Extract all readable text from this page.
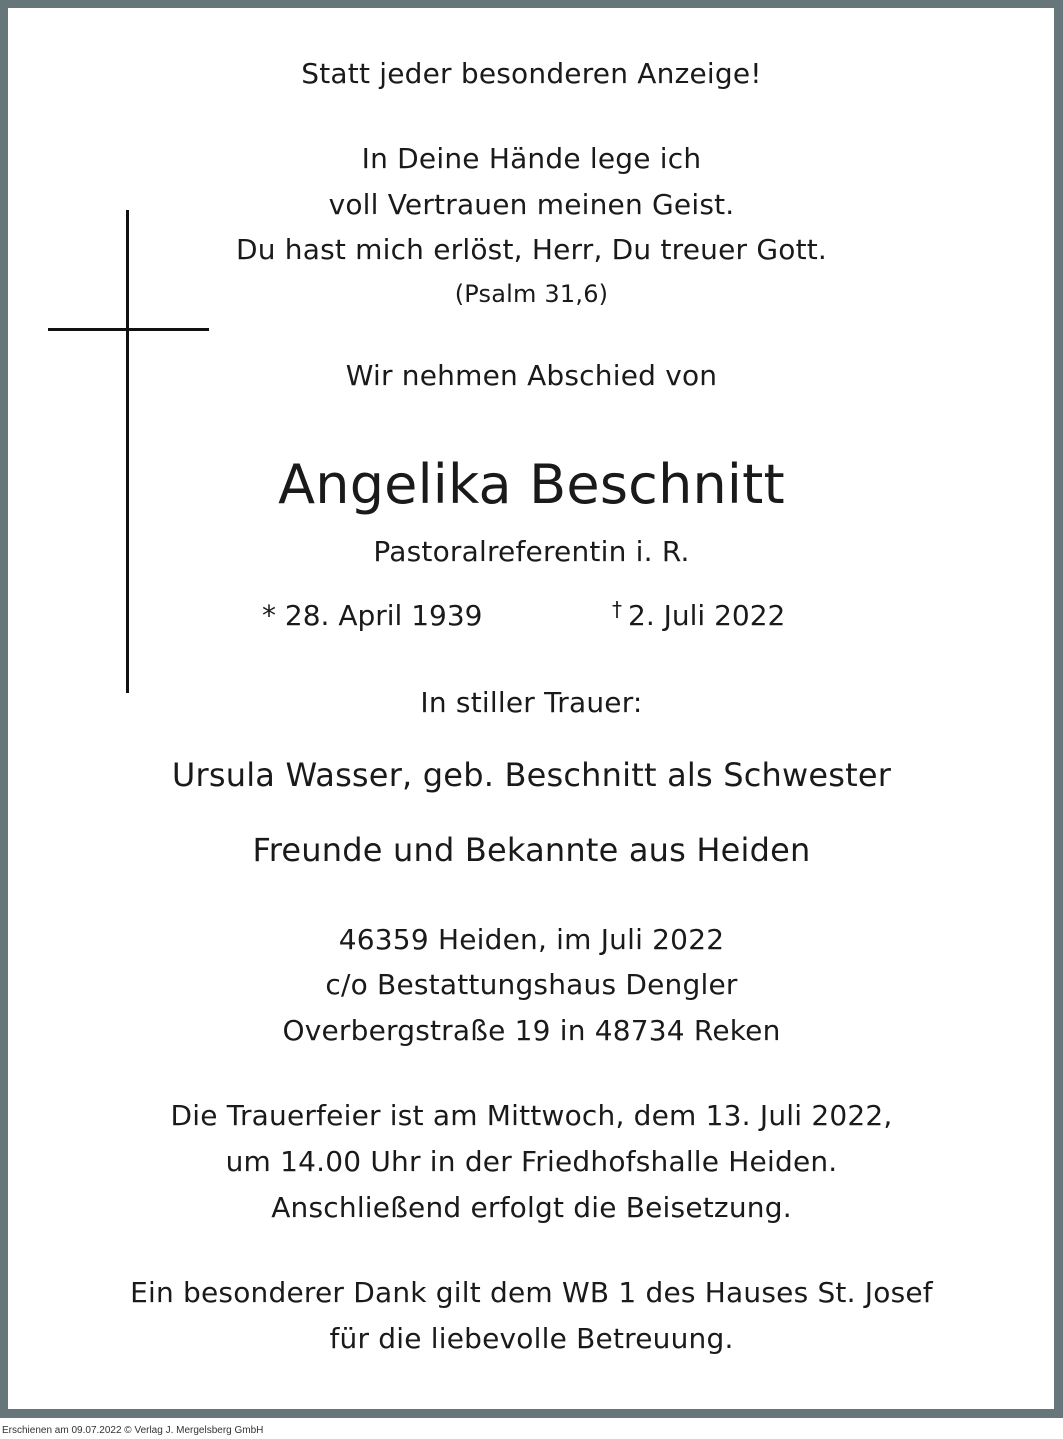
Statt jeder besonderen Anzeige!
In Deine Hände lege ich
voll Vertrauen meinen Geist.
Du hast mich erlöst, Herr, Du treuer Gott.
(Psalm 31,6)
Wir nehmen Abschied von
Angelika Beschnitt
Pastoralreferentin i. R.
* 28. April 1939	† 2. Juli 2022
In stiller Trauer:
Ursula Wasser, geb. Beschnitt als Schwester
Freunde und Bekannte aus Heiden
46359 Heiden, im Juli 2022
c/o Bestattungshaus Dengler
Overbergstraße 19 in 48734 Reken
Die Trauerfeier ist am Mittwoch, dem 13. Juli 2022,
um 14.00 Uhr in der Friedhofshalle Heiden.
Anschließend erfolgt die Beisetzung.
Ein besonderer Dank gilt dem WB 1 des Hauses St. Josef
für die liebevolle Betreuung.
Erschienen am 09.07.2022 © Verlag J. Mergelsberg GmbH
